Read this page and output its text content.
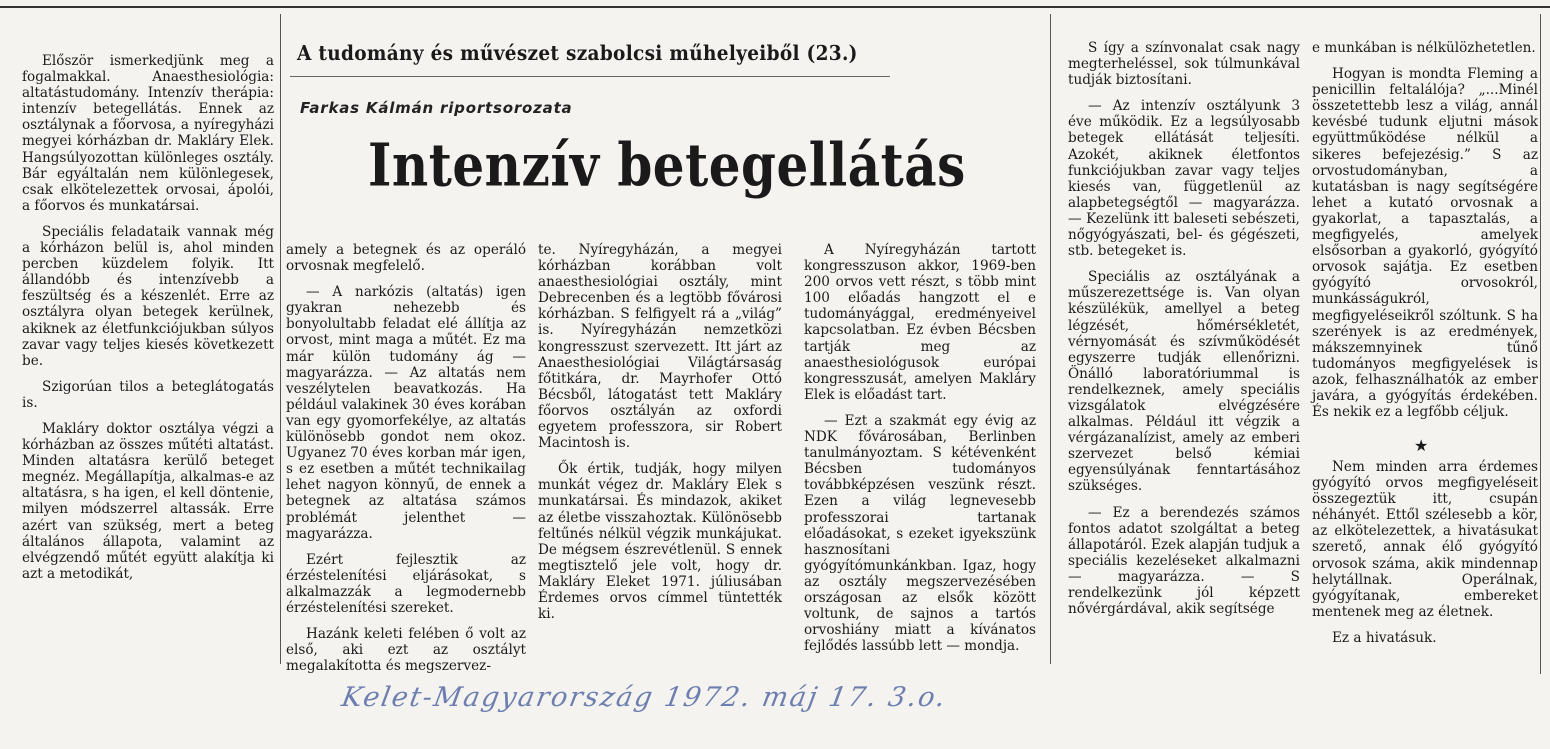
A tudomány és művészet szabolcsi műhelyeiből (23.)
Farkas Kálmán riportsorozata
Intenzív betegellátás

Először ismerkedjünk meg a fogalmakkal. Anaesthesiológia: altatástudomány. Intenzív therápia: intenzív betegellátás. Ennek az osztálynak a főorvosa, a nyíregyházi megyei kórházban dr. Makláry Elek. Hangsúlyozottan különleges osztály. Bár egyáltalán nem különlegesek, csak elkötelezettek orvosai, ápolói, a főorvos és munkatársai.

Speciális feladataik vannak még a kórházon belül is, ahol minden percben küzdelem folyik. Itt állandóbb és intenzívebb a feszültség és a készenlét. Erre az osztályra olyan betegek kerülnek, akiknek az életfunkciójukban súlyos zavar vagy teljes kiesés következett be.

Szigorúan tilos a beteglátogatás is.

Makláry doktor osztálya végzi a kórházban az összes műtéti altatást. Minden altatásra kerülő beteget megnéz. Megállapítja, alkalmas-e az altatásra, s ha igen, el kell döntenie, milyen módszerrel altassák. Erre azért van szükség, mert a beteg általános állapota, valamint az elvégzendő műtét együtt alakítja ki azt a metodikát,

amely a betegnek és az operáló orvosnak megfelelő.

— A narkózis (altatás) igen gyakran nehezebb és bonyolultabb feladat elé állítja az orvost, mint maga a műtét. Ez ma már külön tudomány ág — magyarázza. — Az altatás nem veszélytelen beavatkozás. Ha például valakinek 30 éves korában van egy gyomorfekélye, az altatás különösebb gondot nem okoz. Ugyanez 70 éves korban már igen, s ez esetben a műtét technikailag lehet nagyon könnyű, de ennek a betegnek az altatása számos problémát jelenthet — magyarázza.

Ezért fejlesztik az érzéstelenítési eljárásokat, s alkalmazzák a legmodernebb érzéstelenítési szereket.

Hazánk keleti felében ő volt az első, aki ezt az osztályt megalakította és megszervez-

te. Nyíregyházán, a megyei kórházban korábban volt anaesthesiológiai osztály, mint Debrecenben és a legtöbb fővárosi kórházban. S felfigyelt rá a „világ” is. Nyíregyházán nemzetközi kongresszust szervezett. Itt járt az Anaesthesiológiai Világtársaság főtitkára, dr. Mayrhofer Ottó Bécsből, látogatást tett Makláry főorvos osztályán az oxfordi egyetem professzora, sir Robert Macintosh is.

Ők értik, tudják, hogy milyen munkát végez dr. Makláry Elek s munkatársai. És mindazok, akiket az életbe visszahoztak. Különösebb feltűnés nélkül végzik munkájukat. De mégsem észrevétlenül. S ennek megtisztelő jele volt, hogy dr. Makláry Eleket 1971. júliusában Érdemes orvos címmel tüntették ki.

A Nyíregyházán tartott kongresszuson akkor, 1969-ben 200 orvos vett részt, s több mint 100 előadás hangzott el e tudományággal, eredményeivel kapcsolatban. Ez évben Bécsben tartják meg az anaesthesiológusok európai kongresszusát, amelyen Makláry Elek is előadást tart.

— Ezt a szakmát egy évig az NDK fővárosában, Berlinben tanulmányoztam. S kétévenként Bécsben tudományos továbbképzésen veszünk részt. Ezen a világ legnevesebb professzorai tartanak előadásokat, s ezeket igyekszünk hasznosítani gyógyítómunkánkban. Igaz, hogy az osztály megszervezésében országosan az elsők között voltunk, de sajnos a tartós orvoshiány miatt a kívánatos fejlődés lassúbb lett — mondja.

S így a színvonalat csak nagy megterheléssel, sok túlmunkával tudják biztosítani.

— Az intenzív osztályunk 3 éve működik. Ez a legsúlyosabb betegek ellátását teljesíti. Azokét, akiknek életfontos funkciójukban zavar vagy teljes kiesés van, függetlenül az alapbetegségtől — magyarázza. — Kezelünk itt baleseti sebészeti, nőgyógyászati, bel- és gégészeti, stb. betegeket is.

Speciális az osztályának a műszerezettsége is. Van olyan készülékük, amellyel a beteg légzését, hőmérsékletét, vérnyomását és szívműködését egyszerre tudják ellenőrizni. Önálló laboratóriummal is rendelkeznek, amely speciális vizsgálatok elvégzésére alkalmas. Például itt végzik a vérgázanalízist, amely az emberi szervezet belső kémiai egyensúlyának fenntartásához szükséges.

— Ez a berendezés számos fontos adatot szolgáltat a beteg állapotáról. Ezek alapján tudjuk a speciális kezeléseket alkalmazni — magyarázza. — S rendelkezünk jól képzett nővérgárdával, akik segítsége

e munkában is nélkülözhetetlen.

Hogyan is mondta Fleming a penicillin feltalálója? „...Minél összetettebb lesz a világ, annál kevésbé tudunk eljutni mások együttműködése nélkül a sikeres befejezésig.” S az orvostudományban, a kutatásban is nagy segítségére lehet a kutató orvosnak a gyakorlat, a tapasztalás, a megfigyelés, amelyek elsősorban a gyakorló, gyógyító orvosok sajátja. Ez esetben gyógyító orvosokról, munkásságukról, megfigyeléseikről szóltunk. S ha szerények is az eredmények, mákszemnyinek tűnő tudományos megfigyelések is azok, felhasználhatók az ember javára, a gyógyítás érdekében. És nekik ez a legfőbb céljuk.

★

Nem minden arra érdemes gyógyító orvos megfigyeléseit összegeztük itt, csupán néhányét. Ettől szélesebb a kör, az elkötelezettek, a hivatásukat szerető, annak élő gyógyító orvosok száma, akik mindennap helytállnak. Operálnak, gyógyítanak, embereket mentenek meg az életnek.

Ez a hivatásuk.

Kelet-Magyarország 1972. máj 17. 3.o.
